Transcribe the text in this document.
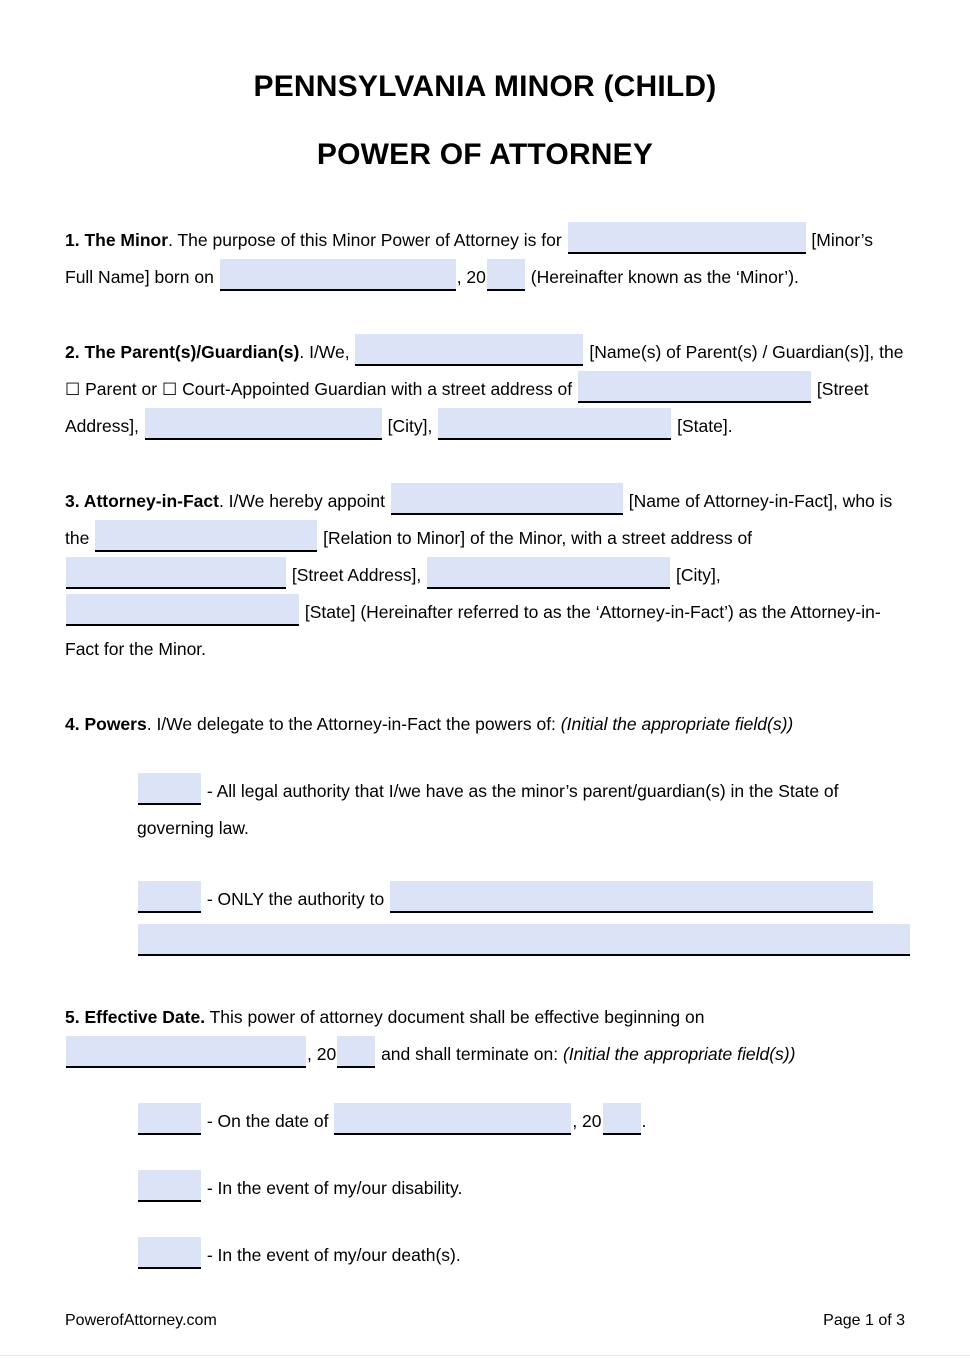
PENNSYLVANIA MINOR (CHILD)
POWER OF ATTORNEY
1. The Minor. The purpose of this Minor Power of Attorney is for	[Minor’s Full Name] born on	, 20	(Hereinafter known as the ‘Minor’).
2. The Parent(s)/Guardian(s). I/We,	[Name(s) of Parent(s) / Guardian(s)], the ☐ Parent or ☐ Court-Appointed Guardian with a street address of	[Street Address],	[City],	[State].
3. Attorney-in-Fact. I/We hereby appoint	[Name of Attorney-in-Fact], who is the	[Relation to Minor] of the Minor, with a street address of  [Street Address],	[City],  [State] (Hereinafter referred to as the ‘Attorney-in-Fact’) as the Attorney-in-Fact for the Minor.
4. Powers. I/We delegate to the Attorney-in-Fact the powers of: (Initial the appropriate field(s))
- All legal authority that I/we have as the minor’s parent/guardian(s) in the State of governing law.
- ONLY the authority to
5. Effective Date. This power of attorney document shall be effective beginning on , 20 and shall terminate on: (Initial the appropriate field(s))
- On the date of	, 20 .
- In the event of my/our disability.
- In the event of my/our death(s).
PowerofAttorney.com	Page 1 of 3
